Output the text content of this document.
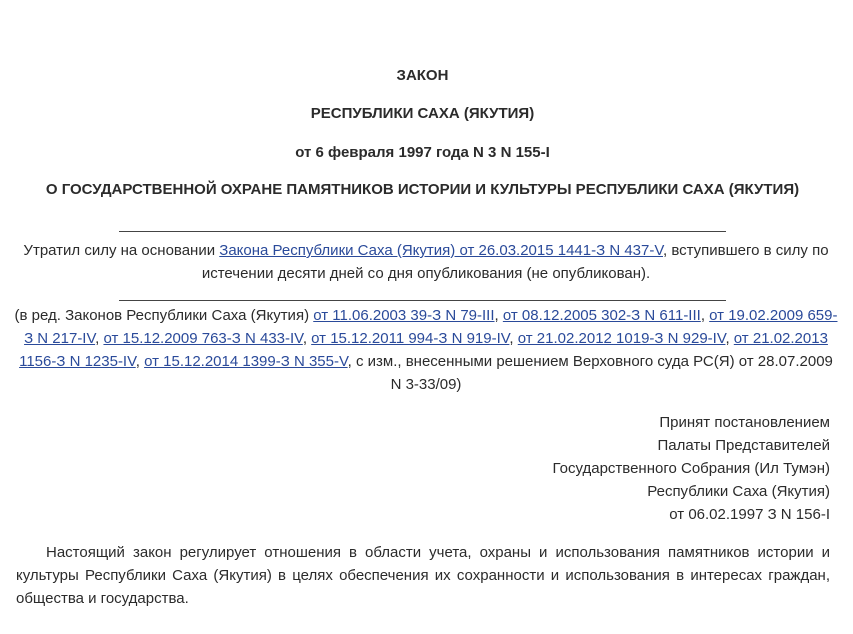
ЗАКОН

РЕСПУБЛИКИ САХА (ЯКУТИЯ)

от 6 февраля 1997 года N 3 N 155-I

О ГОСУДАРСТВЕННОЙ ОХРАНЕ ПАМЯТНИКОВ ИСТОРИИ И КУЛЬТУРЫ РЕСПУБЛИКИ САХА (ЯКУТИЯ)

Утратил силу на основании Закона Республики Саха (Якутия) от 26.03.2015 1441-З N 437-V, вступившего в силу по истечении десяти дней со дня опубликования (не опубликован).

(в ред. Законов Республики Саха (Якутия) от 11.06.2003 39-З N 79-III, от 08.12.2005 302-З N 611-III, от 19.02.2009 659-З N 217-IV, от 15.12.2009 763-З N 433-IV, от 15.12.2011 994-З N 919-IV, от 21.02.2012 1019-З N 929-IV, от 21.02.2013 1156-З N 1235-IV, от 15.12.2014 1399-З N 355-V, с изм., внесенными решением Верховного суда РС(Я) от 28.07.2009 N 3-33/09)

Принят постановлением
Палаты Представителей
Государственного Собрания (Ил Тумэн)
Республики Саха (Якутия)
от 06.02.1997 З N 156-I

Настоящий закон регулирует отношения в области учета, охраны и использования памятников истории и культуры Республики Саха (Якутия) в целях обеспечения их сохранности и использования в интересах граждан, общества и государства.
